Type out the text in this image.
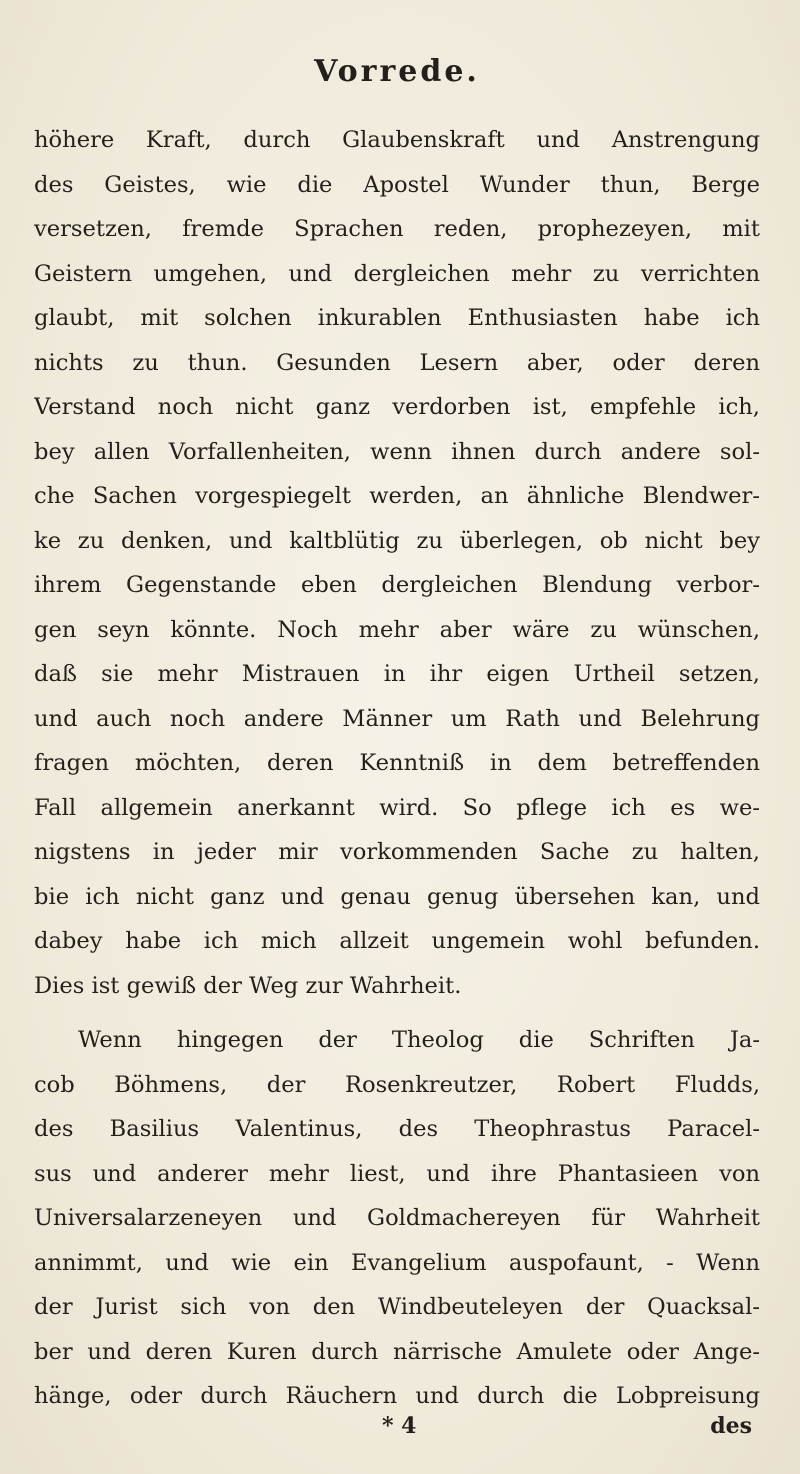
Vorrede.
höhere Kraft, durch Glaubenskraft und Anstrengung
des Geistes, wie die Apostel Wunder thun, Berge
versetzen, fremde Sprachen reden, prophezeyen, mit
Geistern umgehen, und dergleichen mehr zu verrichten
glaubt, mit solchen inkurablen Enthusiasten habe ich
nichts zu thun. Gesunden Lesern aber, oder deren
Verstand noch nicht ganz verdorben ist, empfehle ich,
bey allen Vorfallenheiten, wenn ihnen durch andere sol-
che Sachen vorgespiegelt werden, an ähnliche Blendwer-
ke zu denken, und kaltblütig zu überlegen, ob nicht bey
ihrem Gegenstande eben dergleichen Blendung verbor-
gen seyn könnte. Noch mehr aber wäre zu wünschen,
daß sie mehr Mistrauen in ihr eigen Urtheil setzen,
und auch noch andere Männer um Rath und Belehrung
fragen möchten, deren Kenntniß in dem betreffenden
Fall allgemein anerkannt wird. So pflege ich es we-
nigstens in jeder mir vorkommenden Sache zu halten,
bie ich nicht ganz und genau genug übersehen kan, und
dabey habe ich mich allzeit ungemein wohl befunden.
Dies ist gewiß der Weg zur Wahrheit.
Wenn hingegen der Theolog die Schriften Ja-
cob Böhmens, der Rosenkreutzer, Robert Fludds,
des Basilius Valentinus, des Theophrastus Paracel-
sus und anderer mehr liest, und ihre Phantasieen von
Universalarzeneyen und Goldmachereyen für Wahrheit
annimmt, und wie ein Evangelium auspofaunt, - Wenn
der Jurist sich von den Windbeuteleyen der Quacksal-
ber und deren Kuren durch närrische Amulete oder Ange-
hänge, oder durch Räuchern und durch die Lobpreisung
* 4	des
